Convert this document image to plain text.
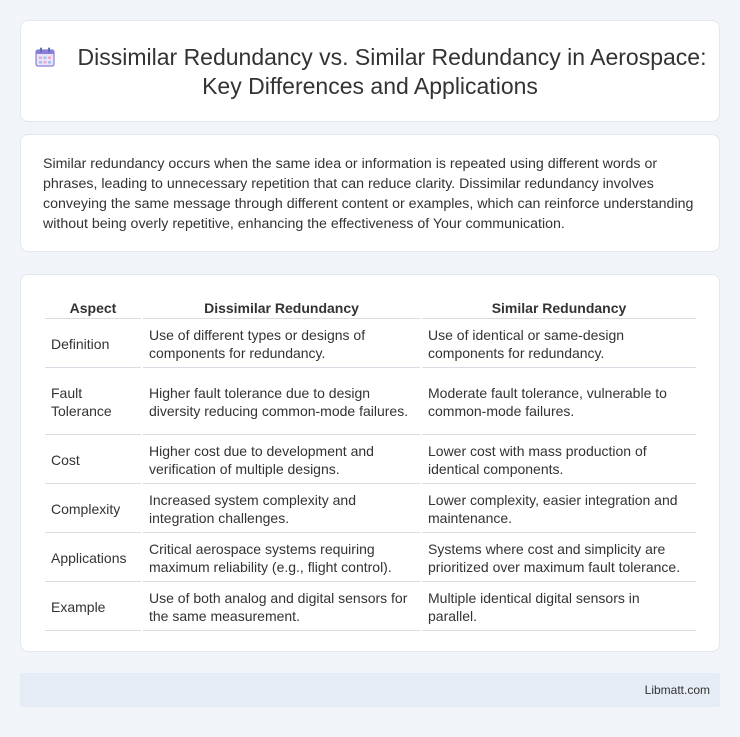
Dissimilar Redundancy vs. Similar Redundancy in Aerospace: Key Differences and Applications

Similar redundancy occurs when the same idea or information is repeated using different words or phrases, leading to unnecessary repetition that can reduce clarity. Dissimilar redundancy involves conveying the same message through different content or examples, which can reinforce understanding without being overly repetitive, enhancing the effectiveness of Your communication.

Aspect	Dissimilar Redundancy	Similar Redundancy
Definition	Use of different types or designs of components for redundancy.	Use of identical or same-design components for redundancy.
Fault Tolerance	Higher fault tolerance due to design diversity reducing common-mode failures.	Moderate fault tolerance, vulnerable to common-mode failures.
Cost	Higher cost due to development and verification of multiple designs.	Lower cost with mass production of identical components.
Complexity	Increased system complexity and integration challenges.	Lower complexity, easier integration and maintenance.
Applications	Critical aerospace systems requiring maximum reliability (e.g., flight control).	Systems where cost and simplicity are prioritized over maximum fault tolerance.
Example	Use of both analog and digital sensors for the same measurement.	Multiple identical digital sensors in parallel.
Libmatt.com
